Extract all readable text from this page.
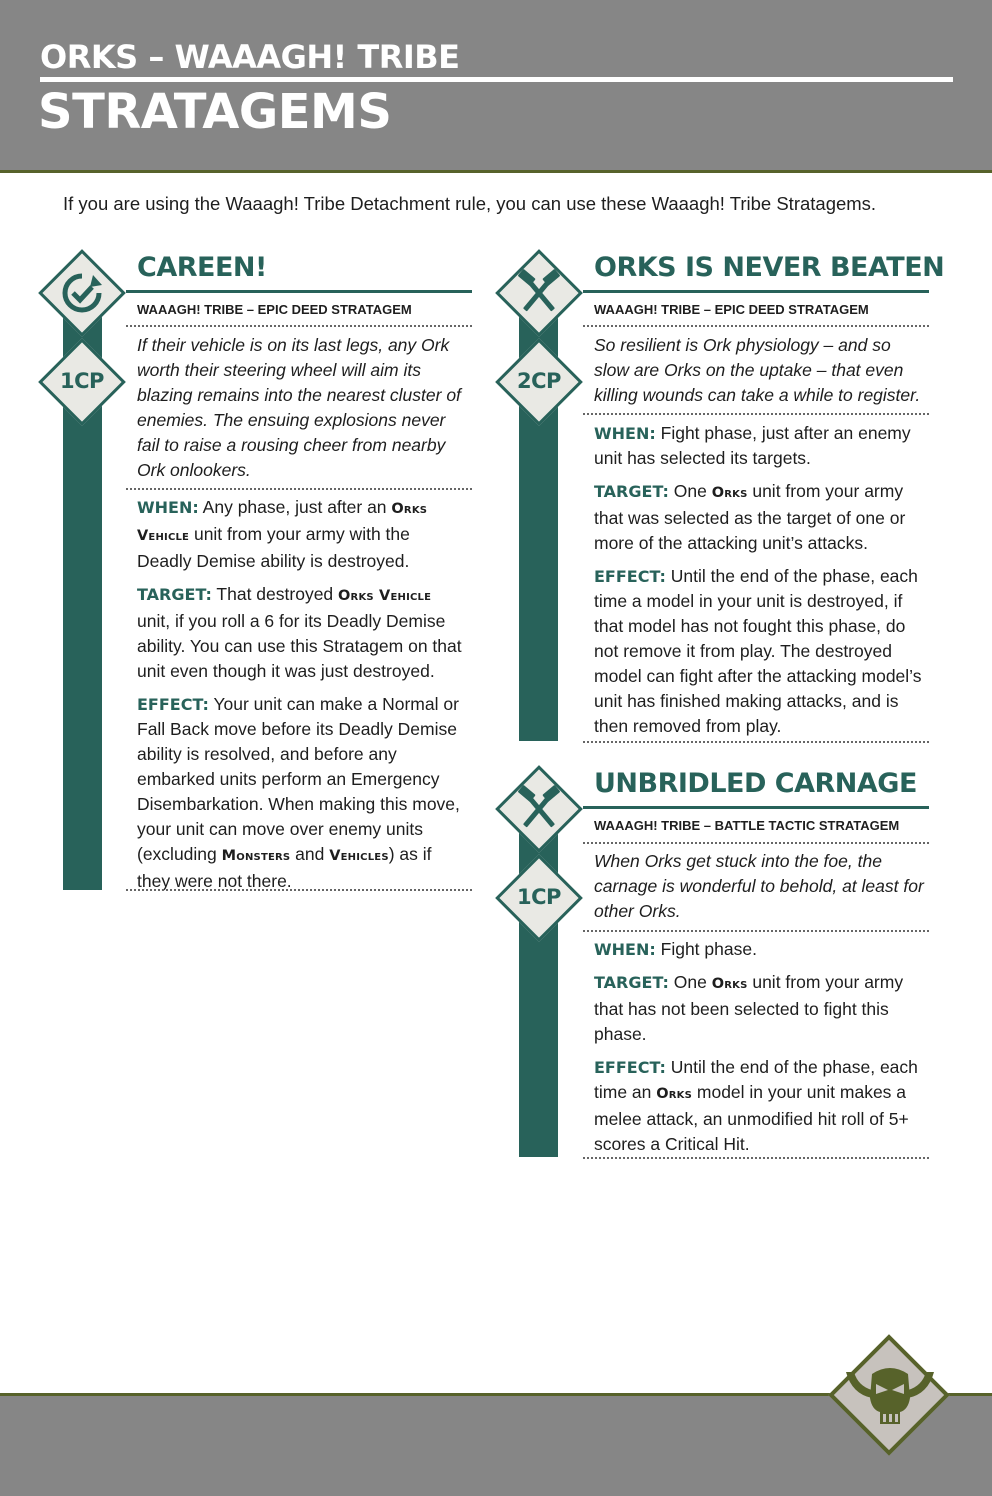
ORKS – WAAAGH! TRIBE
STRATAGEMS
If you are using the Waaagh! Tribe Detachment rule, you can use these Waaagh! Tribe Stratagems.
1CP
CAREEN!
WAAAGH! TRIBE – EPIC DEED STRATAGEM
If their vehicle is on its last legs, any Ork worth their steering wheel will aim its blazing remains into the nearest cluster of enemies. The ensuing explosions never fail to raise a rousing cheer from nearby Ork onlookers.

WHEN: Any phase, just after an Orks Vehicle unit from your army with the Deadly Demise ability is destroyed.

TARGET: That destroyed Orks Vehicle unit, if you roll a 6 for its Deadly Demise ability. You can use this Stratagem on that unit even though it was just destroyed.

EFFECT: Your unit can make a Normal or Fall Back move before its Deadly Demise ability is resolved, and before any embarked units perform an Emergency Disembarkation. When making this move, your unit can move over enemy units (excluding Monsters and Vehicles) as if they were not there.

2CP
ORKS IS NEVER BEATEN
WAAAGH! TRIBE – EPIC DEED STRATAGEM
So resilient is Ork physiology – and so slow are Orks on the uptake – that even killing wounds can take a while to register.

WHEN: Fight phase, just after an enemy unit has selected its targets.

TARGET: One Orks unit from your army that was selected as the target of one or more of the attacking unit’s attacks.

EFFECT: Until the end of the phase, each time a model in your unit is destroyed, if that model has not fought this phase, do not remove it from play. The destroyed model can fight after the attacking model’s unit has finished making attacks, and is then removed from play.

1CP
UNBRIDLED CARNAGE
WAAAGH! TRIBE – BATTLE TACTIC STRATAGEM
When Orks get stuck into the foe, the carnage is wonderful to behold, at least for other Orks.

WHEN: Fight phase.

TARGET: One Orks unit from your army that has not been selected to fight this phase.

EFFECT: Until the end of the phase, each time an Orks model in your unit makes a melee attack, an unmodified hit roll of 5+ scores a Critical Hit.
